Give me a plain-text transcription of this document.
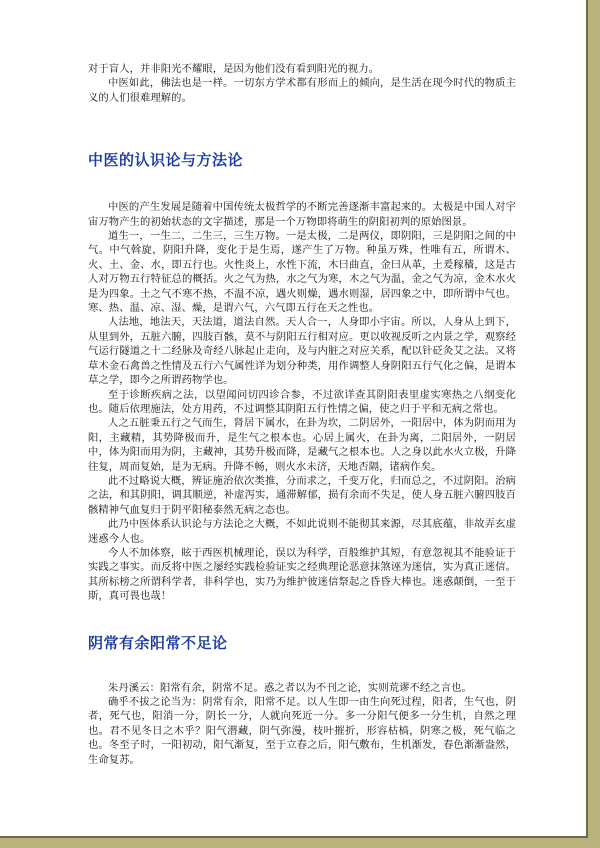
对于盲人，并非阳光不耀眼，是因为他们没有看到阳光的视力。

中医如此，佛法也是一样。一切东方学术都有形而上的倾向，是生活在现今时代的物质主义的人们很难理解的。

中医的认识论与方法论

中医的产生发展是随着中国传统太极哲学的不断完善逐渐丰富起来的。太极是中国人对宇宙万物产生的初始状态的文字描述，那是一个万物即将萌生的阴阳初判的原始图景。

道生一，一生二，二生三，三生万物。一是太极，二是两仪，即阴阳，三是阴阳之间的中气。中气斡旋，阴阳升降，变化于是生焉，遂产生了万物。种虽万殊，性唯有五，所谓木、火、土、金、水，即五行也。火性炎上，水性下流，木曰曲直，金曰从革，土爰稼穑，这是古人对万物五行特征总的概括。火之气为热，水之气为寒，木之气为温，金之气为凉，金木水火是为四象。土之气不寒不热，不温不凉，遇火则燥，遇水则湿，居四象之中，即所谓中气也。寒、热、温、凉、湿、燥，是谓六气，六气即五行在天之性也。

人法地，地法天，天法道，道法自然。天人合一，人身即小宇宙。所以，人身从上到下，从里到外，五脏六腑，四肢百骸，莫不与阴阳五行相对应。更以收视反听之内景之学，观察经气运行隧道之十二经脉及奇经八脉起止走向，及与内脏之对应关系，配以针砭灸艾之法。又将草木金石禽兽之性情及五行六气属性详为划分种类，用作调整人身阴阳五行气化之偏，是谓本草之学，即今之所谓药物学也。

至于诊断疾病之法，以望闻问切四诊合参，不过欲详查其阴阳表里虚实寒热之八纲变化也。随后依理施法，处方用药，不过调整其阴阳五行性情之偏，使之归于平和无病之常也。

人之五脏秉五行之气而生，肾居下属水，在卦为坎，二阴居外，一阳居中，体为阴而用为阳，主藏精，其势降极而升，是生气之根本也。心居上属火，在卦为离，二阳居外，一阴居中，体为阳而用为阴，主藏神，其势升极而降，是藏气之根本也。人之身以此水火立极，升降往复，周而复始，是为无病。升降不畅，则火水未济，天地否隔，诸病作矣。

此不过略说大概，辨证施治依次类推，分而求之，千变万化，归而总之，不过阴阳。治病之法，和其阴阳，调其顺逆，补虚泻实，通滞解郁，损有余而不失足，使人身五脏六腑四肢百骸精神气血复归于阴平阳秘泰然无病之态也。

此乃中医体系认识论与方法论之大概，不如此说则不能彻其来源，尽其底蕴，非故弄玄虚迷惑今人也。

今人不加体察，眩于西医机械理论，误以为科学，百般维护其短，有意忽视其不能验证于实践之事实。而反将中医之屡经实践检验证实之经典理论恶意抹煞诬为迷信，实为真正迷信。其所标榜之所谓科学者，非科学也，实乃为维护彼迷信祭起之昏昏大棒也。迷惑颠倒，一至于斯，真可畏也哉！

阴常有余阳常不足论

朱丹溪云：阳常有余，阴常不足。惑之者以为不刊之论，实则荒谬不经之言也。

确乎不拔之论当为：阴常有余，阳常不足。以人生即一由生向死过程，阳者，生气也，阴者，死气也，阳消一分，阴长一分，人就向死近一分。多一分阳气便多一分生机，自然之理也。君不见冬日之木乎？阳气潜藏，阴气弥漫，枝叶摧折，形容枯槁，阴寒之极，死气临之也。冬至子时，一阳初动，阳气渐复，至于立春之后，阳气敷布，生机渐发，春色渐渐盎然，生命复苏。
